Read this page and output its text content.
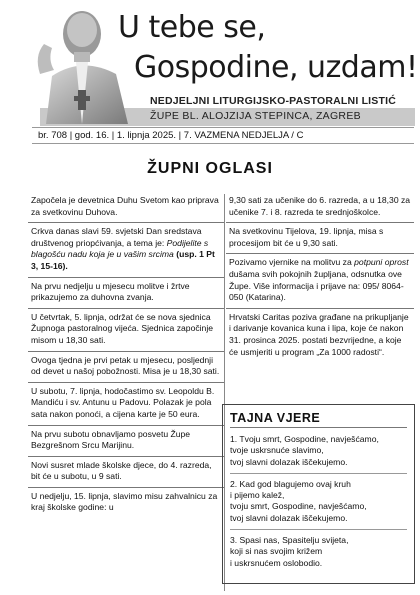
U tebe se,
Gospodine, uzdam!
NEDJELJNI LITURGIJSKO-PASTORALNI LISTIĆ
ŽUPE BL. ALOJZIJA STEPINCA, ZAGREB
br. 708 | god. 16. | 1. lipnja 2025. | 7. VAZMENA NEDJELJA / C
ŽUPNI OGLASI
Započela je devetnica Duhu Svetom kao priprava za svetkovinu Duhova.
Crkva danas slavi 59. svjetski Dan sredstava društvenog priopćivanja, a tema je: Podijelite s blagošću nadu koja je u vašim srcima (usp. 1 Pt 3, 15-16).
Na prvu nedjelju u mjesecu molitve i žrtve prikazujemo za duhovna zvanja.
U četvrtak, 5. lipnja, održat će se nova sjednica Župnoga pastoralnog vijeća. Sjednica započinje misom u 18,30 sati.
Ovoga tjedna je prvi petak u mjesecu, posljednji od devet u našoj pobožnosti. Misa je u 18,30 sati.
U subotu, 7. lipnja, hodočastimo sv. Leopoldu B. Mandiću i sv. Antunu u Padovu. Polazak je pola sata nakon ponoći, a cijena karte je 50 eura.
Na prvu subotu obnavljamo posvetu Župe Bezgrešnom Srcu Marijinu.
Novi susret mlade školske djece, do 4. razreda, bit će u subotu, u 9 sati.
U nedjelju, 15. lipnja, slavimo misu zahvalnicu za kraj školske godine: u
9,30 sati za učenike do 6. razreda, a u 18,30 za učenike 7. i 8. razreda te srednjoškolce.
Na svetkovinu Tijelova, 19. lipnja, misa s procesijom bit će u 9,30 sati.
Pozivamo vjernike na molitvu za potpuni oprost dušama svih pokojnih župljana, odsnutka ove Župe. Više informacija i prijave na: 095/ 8064-050 (Katarina).
Hrvatski Caritas poziva građane na prikupljanje i darivanje kovanica kuna i lipa, koje će nakon 31. prosinca 2025. postati bezvrijedne, a koje će usmjeriti u program „Za 1000 radosti“.
TAJNA VJERE
1. Tvoju smrt, Gospodine, navješćamo,
tvoje uskrsnuće slavimo,
tvoj slavni dolazak iščekujemo.
2. Kad god blagujemo ovaj kruh
i pijemo kalež,
tvoju smrt, Gospodine, navješćamo,
tvoj slavni dolazak iščekujemo.
3. Spasi nas, Spasitelju svijeta,
koji si nas svojim križem
i uskrsnućem oslobodio.
